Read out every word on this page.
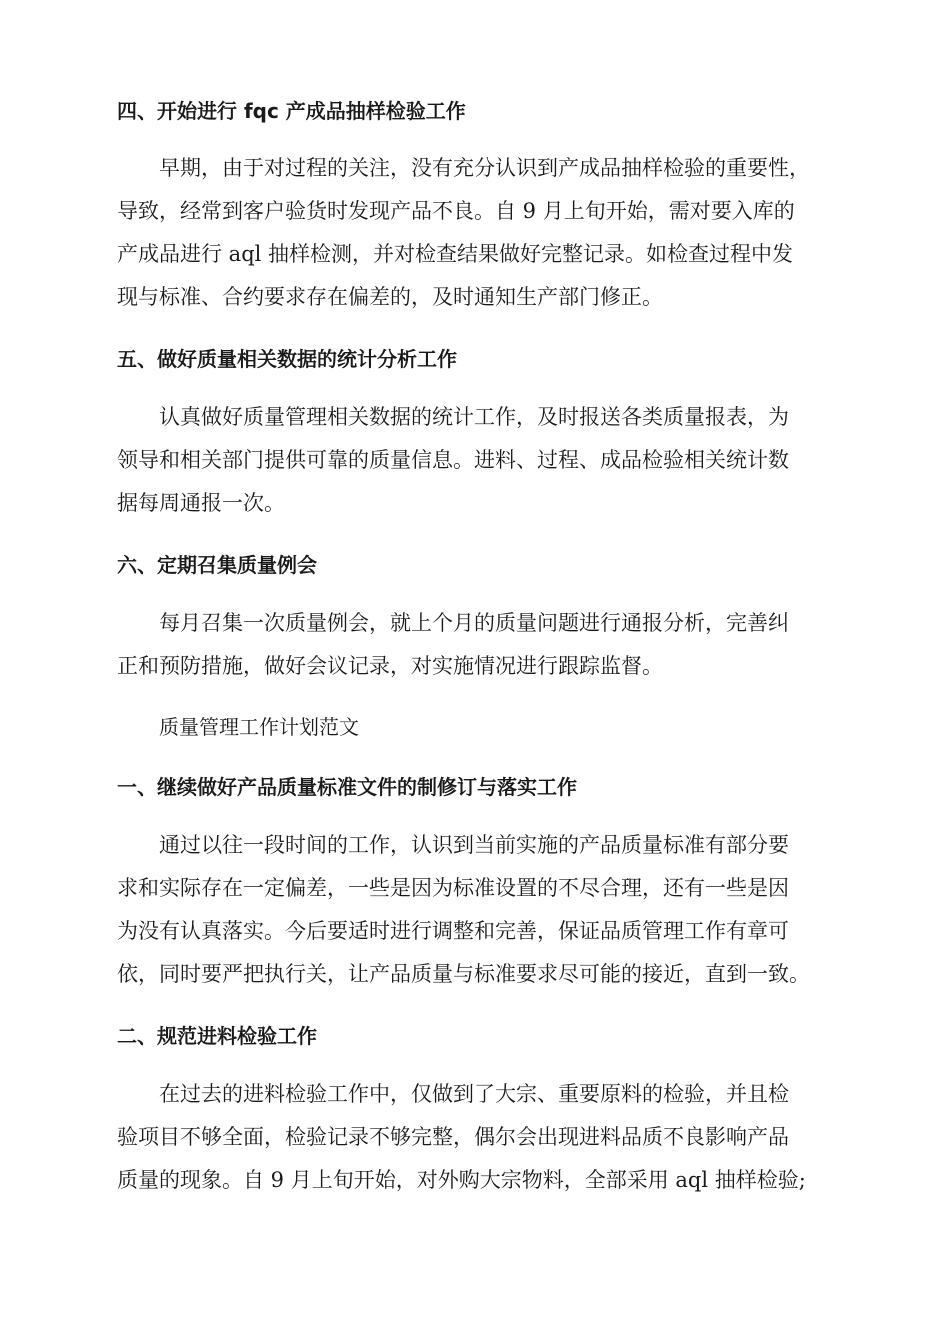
四、开始进行 fqc 产成品抽样检验工作
早期，由于对过程的关注，没有充分认识到产成品抽样检验的重要性，
导致，经常到客户验货时发现产品不良。自 9 月上旬开始，需对要入库的
产成品进行 aql 抽样检测，并对检查结果做好完整记录。如检查过程中发
现与标准、合约要求存在偏差的，及时通知生产部门修正。
五、做好质量相关数据的统计分析工作
认真做好质量管理相关数据的统计工作，及时报送各类质量报表，为
领导和相关部门提供可靠的质量信息。进料、过程、成品检验相关统计数
据每周通报一次。
六、定期召集质量例会
每月召集一次质量例会，就上个月的质量问题进行通报分析，完善纠
正和预防措施，做好会议记录，对实施情况进行跟踪监督。
质量管理工作计划范文
一、继续做好产品质量标准文件的制修订与落实工作
通过以往一段时间的工作，认识到当前实施的产品质量标准有部分要
求和实际存在一定偏差，一些是因为标准设置的不尽合理，还有一些是因
为没有认真落实。今后要适时进行调整和完善，保证品质管理工作有章可
依，同时要严把执行关，让产品质量与标准要求尽可能的接近，直到一致。
二、规范进料检验工作
在过去的进料检验工作中，仅做到了大宗、重要原料的检验，并且检
验项目不够全面，检验记录不够完整，偶尔会出现进料品质不良影响产品
质量的现象。自 9 月上旬开始，对外购大宗物料，全部采用 aql 抽样检验;
